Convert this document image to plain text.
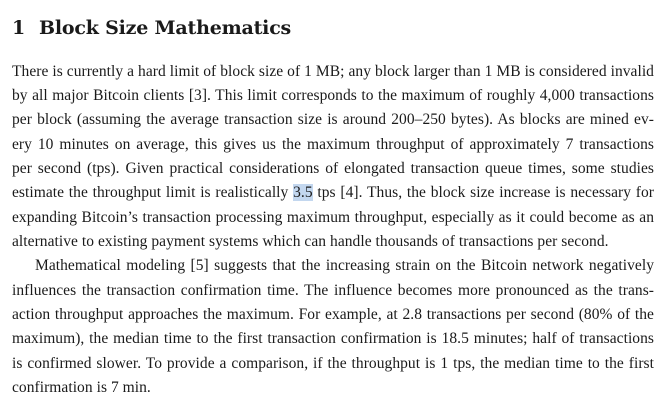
1 Block Size Mathematics
There is currently a hard limit of block size of 1 MB; any block larger than 1 MB is considered invalid
by all major Bitcoin clients [3]. This limit corresponds to the maximum of roughly 4,000 transactions
per block (assuming the average transaction size is around 200–250 bytes). As blocks are mined ev-
ery 10 minutes on average, this gives us the maximum throughput of approximately 7 transactions
per second (tps). Given practical considerations of elongated transaction queue times, some studies
estimate the throughput limit is realistically 3.5 tps [4]. Thus, the block size increase is necessary for
expanding Bitcoin’s transaction processing maximum throughput, especially as it could become as an
alternative to existing payment systems which can handle thousands of transactions per second.
Mathematical modeling [5] suggests that the increasing strain on the Bitcoin network negatively
influences the transaction confirmation time. The influence becomes more pronounced as the trans-
action throughput approaches the maximum. For example, at 2.8 transactions per second (80% of the
maximum), the median time to the first transaction confirmation is 18.5 minutes; half of transactions
is confirmed slower. To provide a comparison, if the throughput is 1 tps, the median time to the first
confirmation is 7 min.
